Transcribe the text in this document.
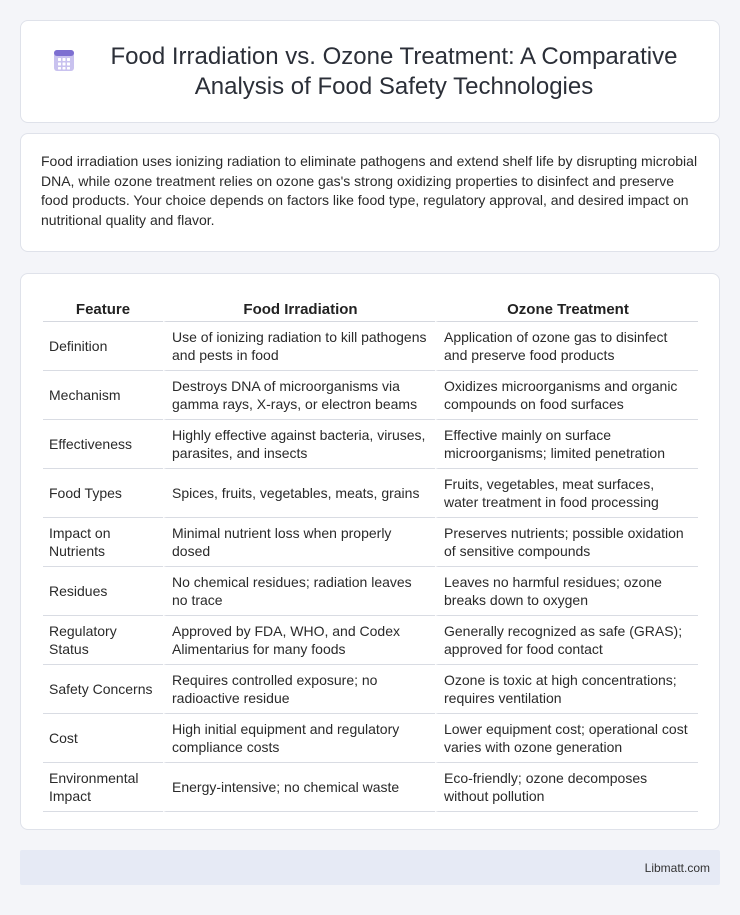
Food Irradiation vs. Ozone Treatment: A Comparative Analysis of Food Safety Technologies

Food irradiation uses ionizing radiation to eliminate pathogens and extend shelf life by disrupting microbial DNA, while ozone treatment relies on ozone gas's strong oxidizing properties to disinfect and preserve food products. Your choice depends on factors like food type, regulatory approval, and desired impact on nutritional quality and flavor.

Feature	Food Irradiation	Ozone Treatment
Definition	Use of ionizing radiation to kill pathogens and pests in food	Application of ozone gas to disinfect and preserve food products
Mechanism	Destroys DNA of microorganisms via gamma rays, X-rays, or electron beams	Oxidizes microorganisms and organic compounds on food surfaces
Effectiveness	Highly effective against bacteria, viruses, parasites, and insects	Effective mainly on surface microorganisms; limited penetration
Food Types	Spices, fruits, vegetables, meats, grains	Fruits, vegetables, meat surfaces, water treatment in food processing
Impact on Nutrients	Minimal nutrient loss when properly dosed	Preserves nutrients; possible oxidation of sensitive compounds
Residues	No chemical residues; radiation leaves no trace	Leaves no harmful residues; ozone breaks down to oxygen
Regulatory Status	Approved by FDA, WHO, and Codex Alimentarius for many foods	Generally recognized as safe (GRAS); approved for food contact
Safety Concerns	Requires controlled exposure; no radioactive residue	Ozone is toxic at high concentrations; requires ventilation
Cost	High initial equipment and regulatory compliance costs	Lower equipment cost; operational cost varies with ozone generation
Environmental Impact	Energy-intensive; no chemical waste	Eco-friendly; ozone decomposes without pollution
Libmatt.com
